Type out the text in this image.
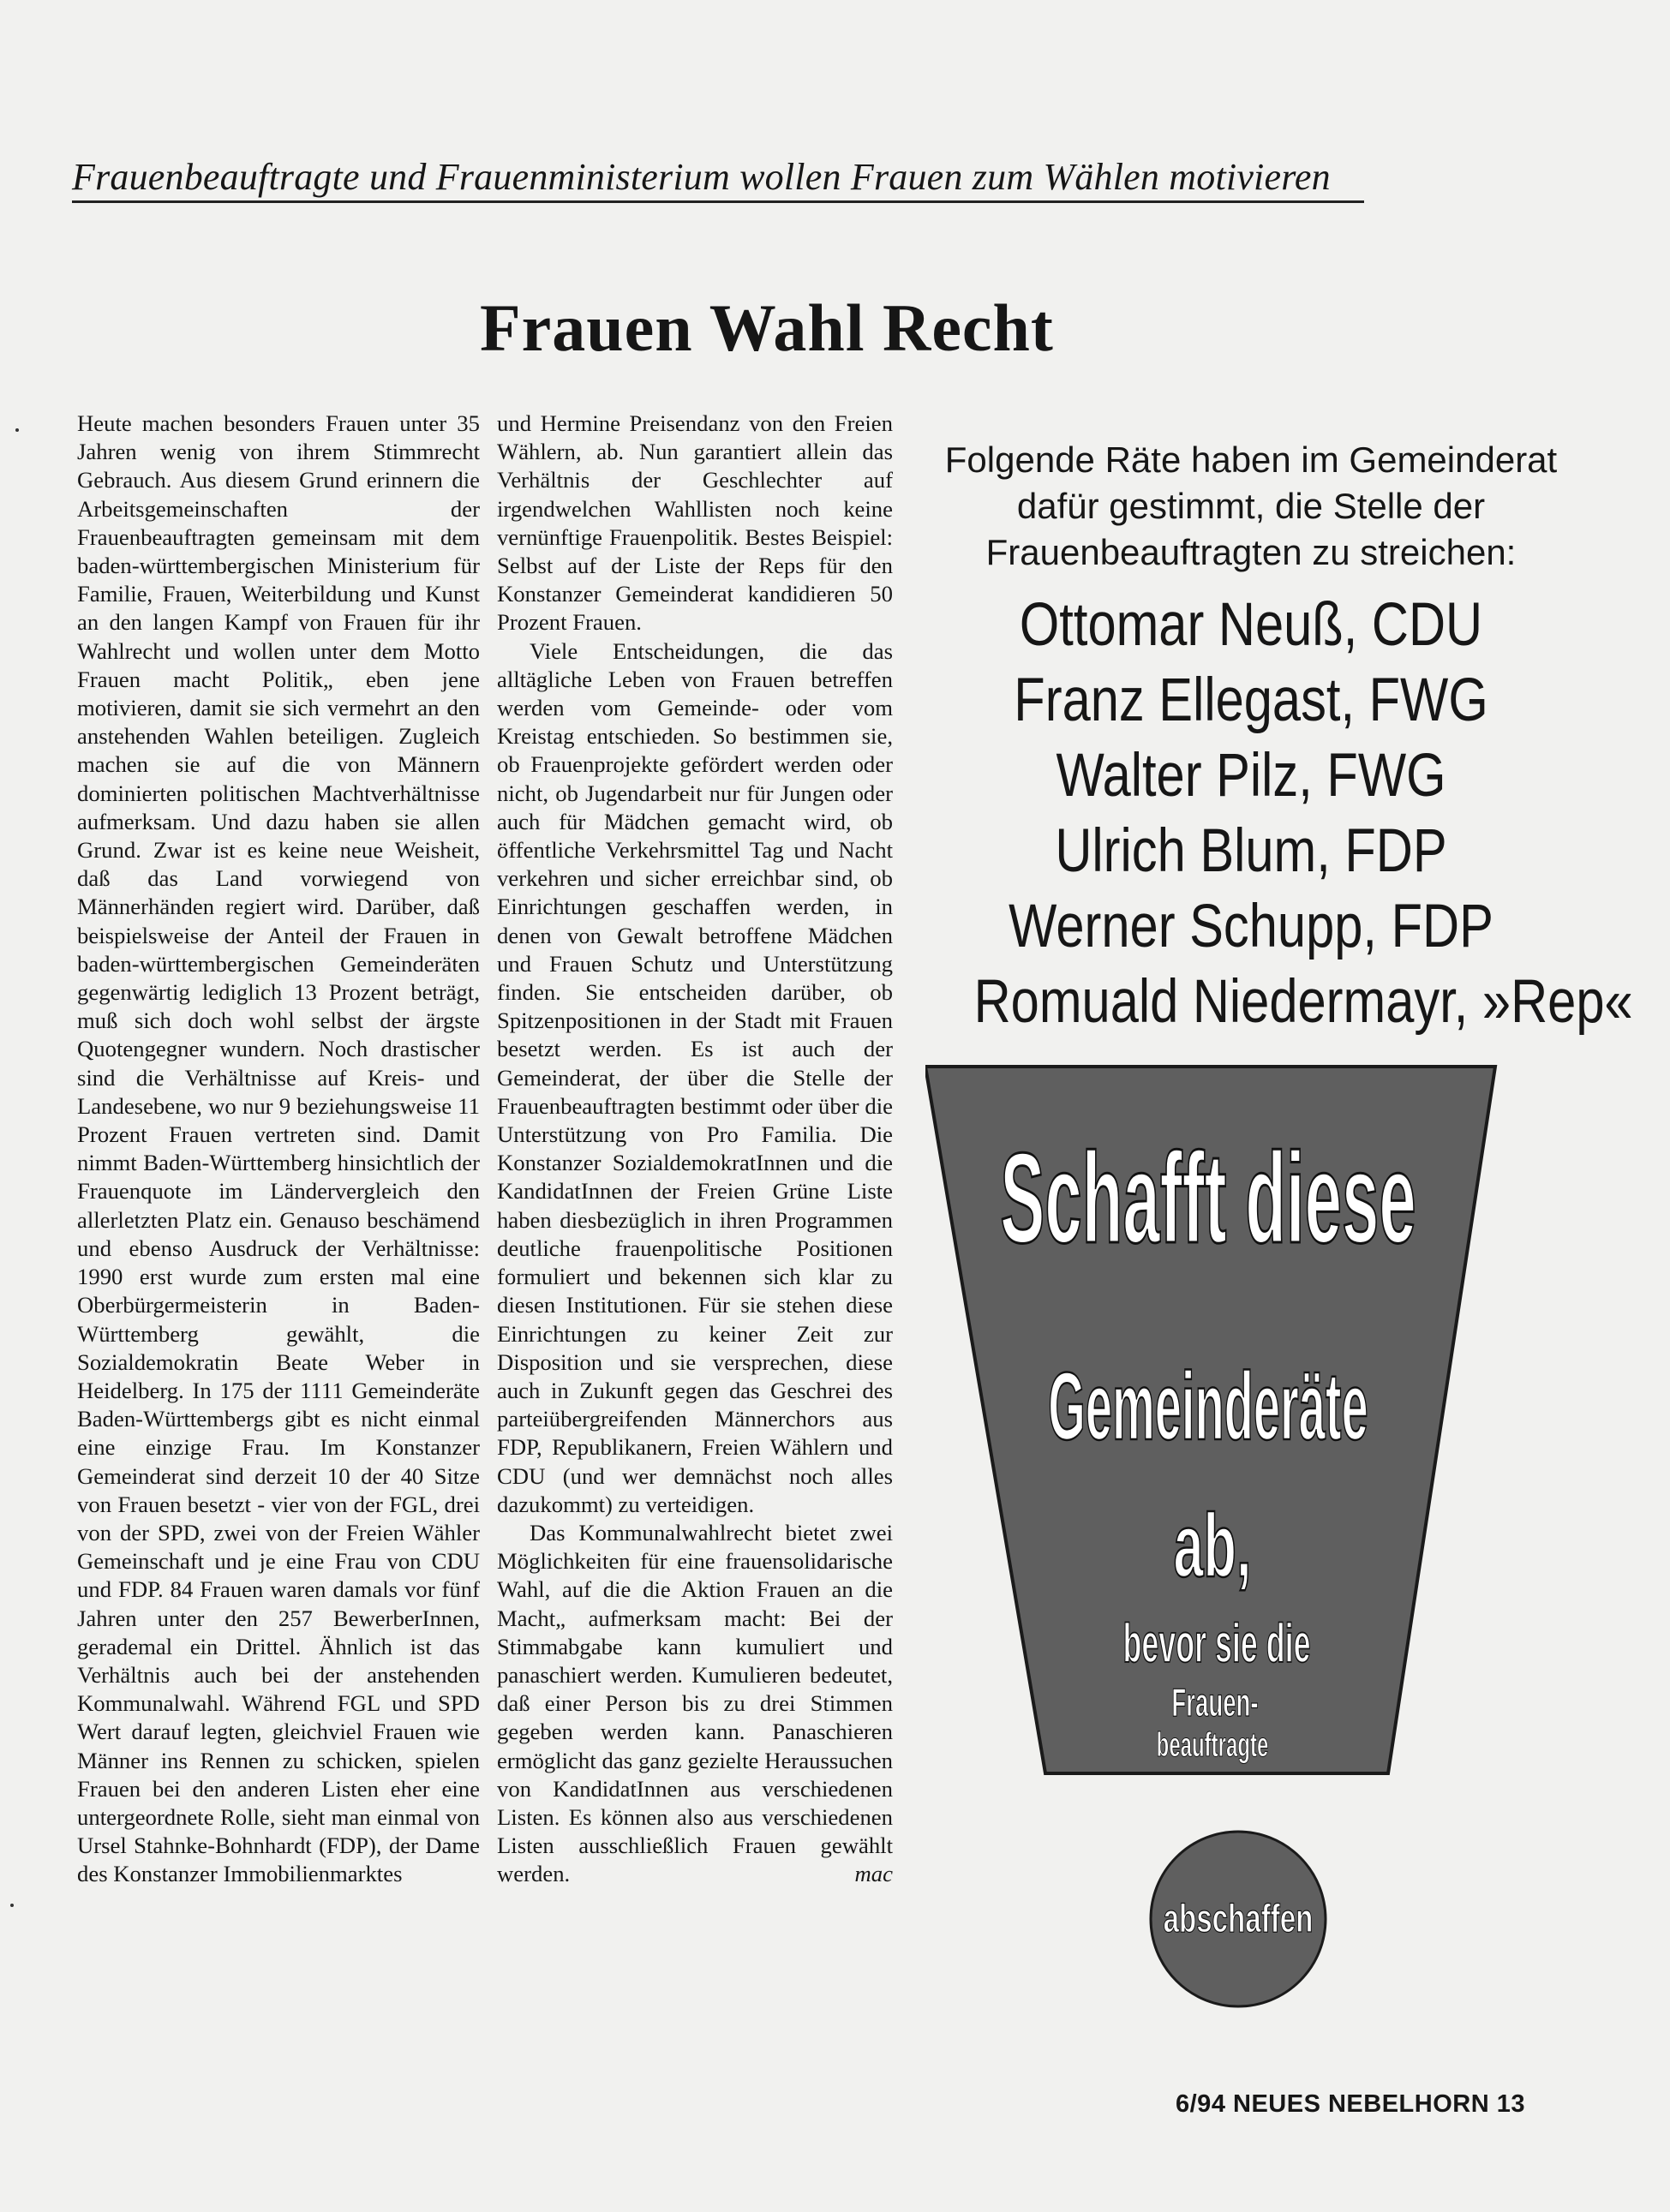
Frauenbeauftragte und Frauenministerium wollen Frauen zum Wählen motivieren
Frauen Wahl Recht

Heute machen besonders Frauen unter 35 Jahren wenig von ihrem Stimmrecht Gebrauch. Aus diesem Grund erinnern die Arbeitsgemeinschaften der Frauenbeauftragten gemeinsam mit dem baden-württembergischen Ministerium für Familie, Frauen, Weiterbildung und Kunst an den langen Kampf von Frauen für ihr Wahlrecht und wollen unter dem Motto Frauen macht Politik„ eben jene motivieren, damit sie sich vermehrt an den anstehenden Wahlen beteiligen. Zugleich machen sie auf die von Männern dominierten politischen Machtverhältnisse aufmerksam. Und dazu haben sie allen Grund. Zwar ist es keine neue Weisheit, daß das Land vorwiegend von Männerhänden regiert wird. Darüber, daß beispielsweise der Anteil der Frauen in baden-württembergischen Gemeinderäten gegenwärtig lediglich 13 Prozent beträgt, muß sich doch wohl selbst der ärgste Quotengegner wundern. Noch drastischer sind die Verhältnisse auf Kreis- und Landesebene, wo nur 9 beziehungsweise 11 Prozent Frauen vertreten sind. Damit nimmt Baden-Württemberg hinsichtlich der Frauenquote im Ländervergleich den allerletzten Platz ein. Genauso beschämend und ebenso Ausdruck der Verhältnisse: 1990 erst wurde zum ersten mal eine Oberbürgermeisterin in Baden-Württemberg gewählt, die Sozialdemokratin Beate Weber in Heidelberg. In 175 der 1111 Gemeinderäte Baden-Württembergs gibt es nicht einmal eine einzige Frau. Im Konstanzer Gemeinderat sind derzeit 10 der 40 Sitze von Frauen besetzt - vier von der FGL, drei von der SPD, zwei von der Freien Wähler Gemeinschaft und je eine Frau von CDU und FDP. 84 Frauen waren damals vor fünf Jahren unter den 257 BewerberInnen, gerademal ein Drittel. Ähnlich ist das Verhältnis auch bei der anstehenden Kommunalwahl. Während FGL und SPD Wert darauf legten, gleichviel Frauen wie Männer ins Rennen zu schicken, spielen Frauen bei den anderen Listen eher eine untergeordnete Rolle, sieht man einmal von Ursel Stahnke-Bohnhardt (FDP), der Dame des Konstanzer Immobilienmarktes

und Hermine Preisendanz von den Freien Wählern, ab. Nun garantiert allein das Verhältnis der Geschlechter auf irgendwelchen Wahllisten noch keine vernünftige Frauenpolitik. Bestes Beispiel: Selbst auf der Liste der Reps für den Konstanzer Gemeinderat kandidieren 50 Prozent Frauen.

Viele Entscheidungen, die das alltägliche Leben von Frauen betreffen werden vom Gemeinde- oder vom Kreistag entschieden. So bestimmen sie, ob Frauenprojekte gefördert werden oder nicht, ob Jugendarbeit nur für Jungen oder auch für Mädchen gemacht wird, ob öffentliche Verkehrsmittel Tag und Nacht verkehren und sicher erreichbar sind, ob Einrichtungen geschaffen werden, in denen von Gewalt betroffene Mädchen und Frauen Schutz und Unterstützung finden. Sie entscheiden darüber, ob Spitzenpositionen in der Stadt mit Frauen besetzt werden. Es ist auch der Gemeinderat, der über die Stelle der Frauenbeauftragten bestimmt oder über die Unterstützung von Pro Familia. Die Konstanzer SozialdemokratInnen und die KandidatInnen der Freien Grüne Liste haben diesbezüglich in ihren Programmen deutliche frauenpolitische Positionen formuliert und bekennen sich klar zu diesen Institutionen. Für sie stehen diese Einrichtungen zu keiner Zeit zur Disposition und sie versprechen, diese auch in Zukunft gegen das Geschrei des parteiübergreifenden Männerchors aus FDP, Republikanern, Freien Wählern und CDU (und wer demnächst noch alles dazukommt) zu verteidigen.

Das Kommunalwahlrecht bietet zwei Möglichkeiten für eine frauensolidarische Wahl, auf die die Aktion Frauen an die Macht„ aufmerksam macht: Bei der Stimmabgabe kann kumuliert und panaschiert werden. Kumulieren bedeutet, daß einer Person bis zu drei Stimmen gegeben werden kann. Panaschieren ermöglicht das ganz gezielte Heraussuchen von KandidatInnen aus verschiedenen Listen. Es können also aus verschiedenen Listen ausschließlich Frauen gewählt werden.	mac

Folgende Räte haben im Gemeinderat dafür gestimmt, die Stelle der Frauenbeauftragten zu streichen:

Ottomar Neuß, CDU
Franz Ellegast, FWG
Walter Pilz, FWG
Ulrich Blum, FDP
Werner Schupp, FDP
Romuald Niedermayr, »Rep«
Schafft diese
Gemeinderäte
ab,
bevor sie die
Frauen-
beauftragte
abschaffen
6/94 NEUES NEBELHORN 13
